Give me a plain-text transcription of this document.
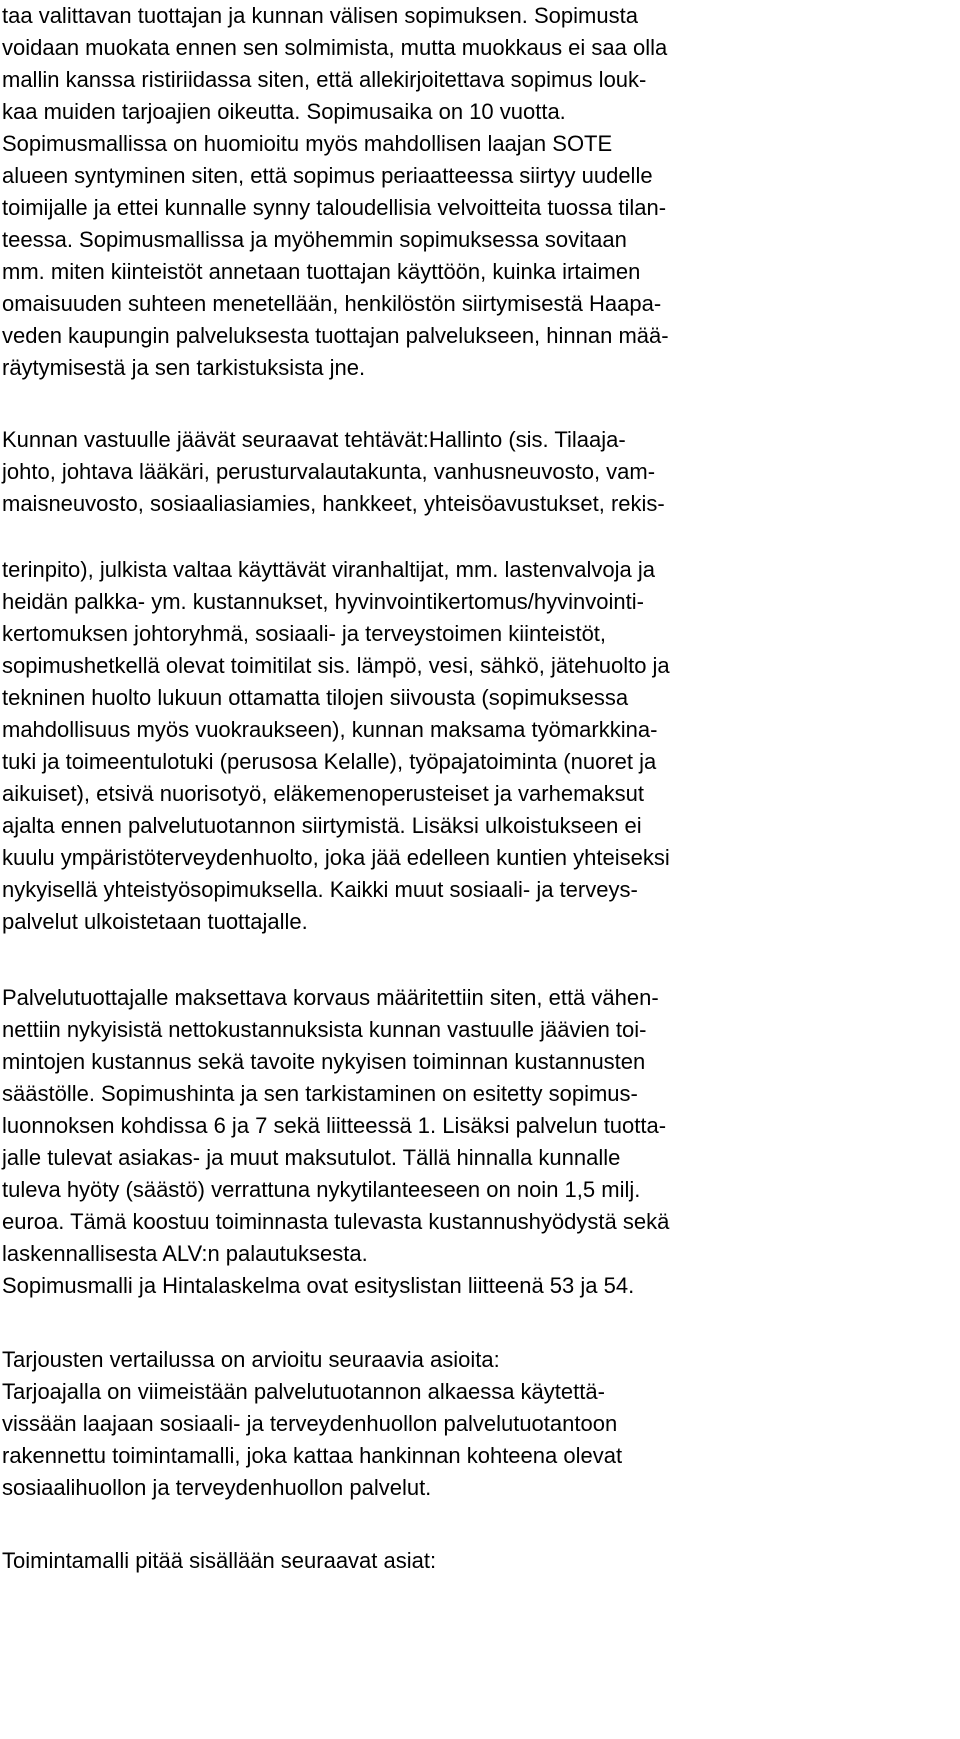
taa valittavan tuottajan ja kunnan välisen sopimuksen. Sopimusta
voidaan muokata ennen sen solmimista, mutta muokkaus ei saa olla
mallin kanssa ristiriidassa siten, että allekirjoitettava sopimus louk-
kaa muiden tarjoajien oikeutta. Sopimusaika on 10 vuotta.
Sopimusmallissa on huomioitu myös mahdollisen laajan SOTE
alueen syntyminen siten, että sopimus periaatteessa siirtyy uudelle
toimijalle ja ettei kunnalle synny taloudellisia velvoitteita tuossa tilan-
teessa. Sopimusmallissa ja myöhemmin sopimuksessa sovitaan
mm. miten kiinteistöt annetaan tuottajan käyttöön, kuinka irtaimen
omaisuuden suhteen menetellään, henkilöstön siirtymisestä Haapa-
veden kaupungin palveluksesta tuottajan palvelukseen, hinnan mää-
räytymisestä ja sen tarkistuksista jne.
Kunnan vastuulle jäävät seuraavat tehtävät:Hallinto (sis. Tilaaja-
johto, johtava lääkäri, perusturvalautakunta, vanhusneuvosto, vam-
maisneuvosto, sosiaaliasiamies, hankkeet, yhteisöavustukset, rekis-
terinpito), julkista valtaa käyttävät viranhaltijat, mm. lastenvalvoja ja
heidän palkka- ym. kustannukset, hyvinvointikertomus/hyvinvointi-
kertomuksen johtoryhmä, sosiaali- ja terveystoimen kiinteistöt,
sopimushetkellä olevat toimitilat sis. lämpö, vesi, sähkö, jätehuolto ja
tekninen huolto lukuun ottamatta tilojen siivousta (sopimuksessa
mahdollisuus myös vuokraukseen), kunnan maksama työmarkkina-
tuki ja toimeentulotuki (perusosa Kelalle), työpajatoiminta (nuoret ja
aikuiset), etsivä nuorisotyö, eläkemenoperusteiset ja varhemaksut
ajalta ennen palvelutuotannon siirtymistä. Lisäksi ulkoistukseen ei
kuulu ympäristöterveydenhuolto, joka jää edelleen kuntien yhteiseksi
nykyisellä yhteistyösopimuksella. Kaikki muut sosiaali- ja terveys-
palvelut ulkoistetaan tuottajalle.
Palvelutuottajalle maksettava korvaus määritettiin siten, että vähen-
nettiin nykyisistä nettokustannuksista kunnan vastuulle jäävien toi-
mintojen kustannus sekä tavoite nykyisen toiminnan kustannusten
säästölle. Sopimushinta ja sen tarkistaminen on esitetty sopimus-
luonnoksen kohdissa 6 ja 7 sekä liitteessä 1. Lisäksi palvelun tuotta-
jalle tulevat asiakas- ja muut maksutulot. Tällä hinnalla kunnalle
tuleva hyöty (säästö) verrattuna nykytilanteeseen on noin 1,5 milj.
euroa. Tämä koostuu toiminnasta tulevasta kustannushyödystä sekä
laskennallisesta ALV:n palautuksesta.
Sopimusmalli ja Hintalaskelma ovat esityslistan liitteenä 53 ja 54.
Tarjousten vertailussa on arvioitu seuraavia asioita:
Tarjoajalla on viimeistään palvelutuotannon alkaessa käytettä-
vissään laajaan sosiaali- ja terveydenhuollon palvelutuotantoon
rakennettu toimintamalli, joka kattaa hankinnan kohteena olevat
sosiaalihuollon ja terveydenhuollon palvelut.
Toimintamalli pitää sisällään seuraavat asiat:
